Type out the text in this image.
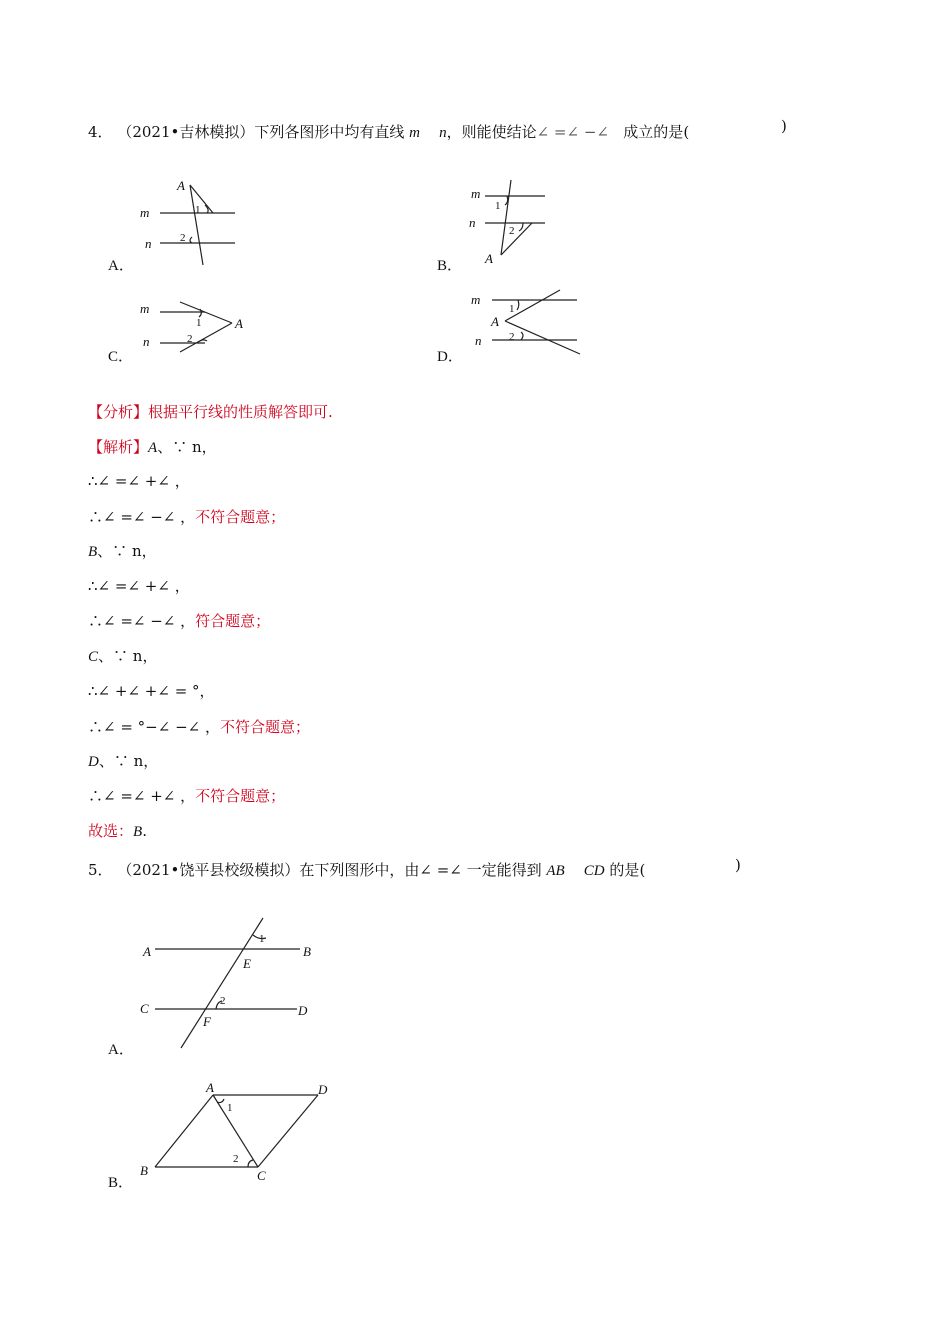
4． （2021•吉林模拟）下列各图形中均有直线 m n，则能使结论∠ =∠ −∠ 成立的是(	)
A．	B．
C．	D．
A
m
n
1
2
m
n
A
1
2
m
n
A
1
2
m
A
n
1
2
【分析】根据平行线的性质解答即可.
【解析】A、∵ n，
∴∠ =∠ +∠ ，
∴∠ =∠ −∠ ，不符合题意；
B、∵ n，
∴∠ =∠ +∠ ，
∴∠ =∠ −∠ ，符合题意；
C、∵ n，
∴∠ +∠ +∠ = °，
∴∠ = °−∠ −∠ ，不符合题意；
D、∵ n，
∴∠ =∠ +∠ ，不符合题意；
故选：B.
5． （2021•饶平县校级模拟）在下列图形中，由∠ =∠ 一定能得到 AB CD 的是(	)
A	B
E
1
C	D
F
2
A	D
B	C
1
2
A．
B．
